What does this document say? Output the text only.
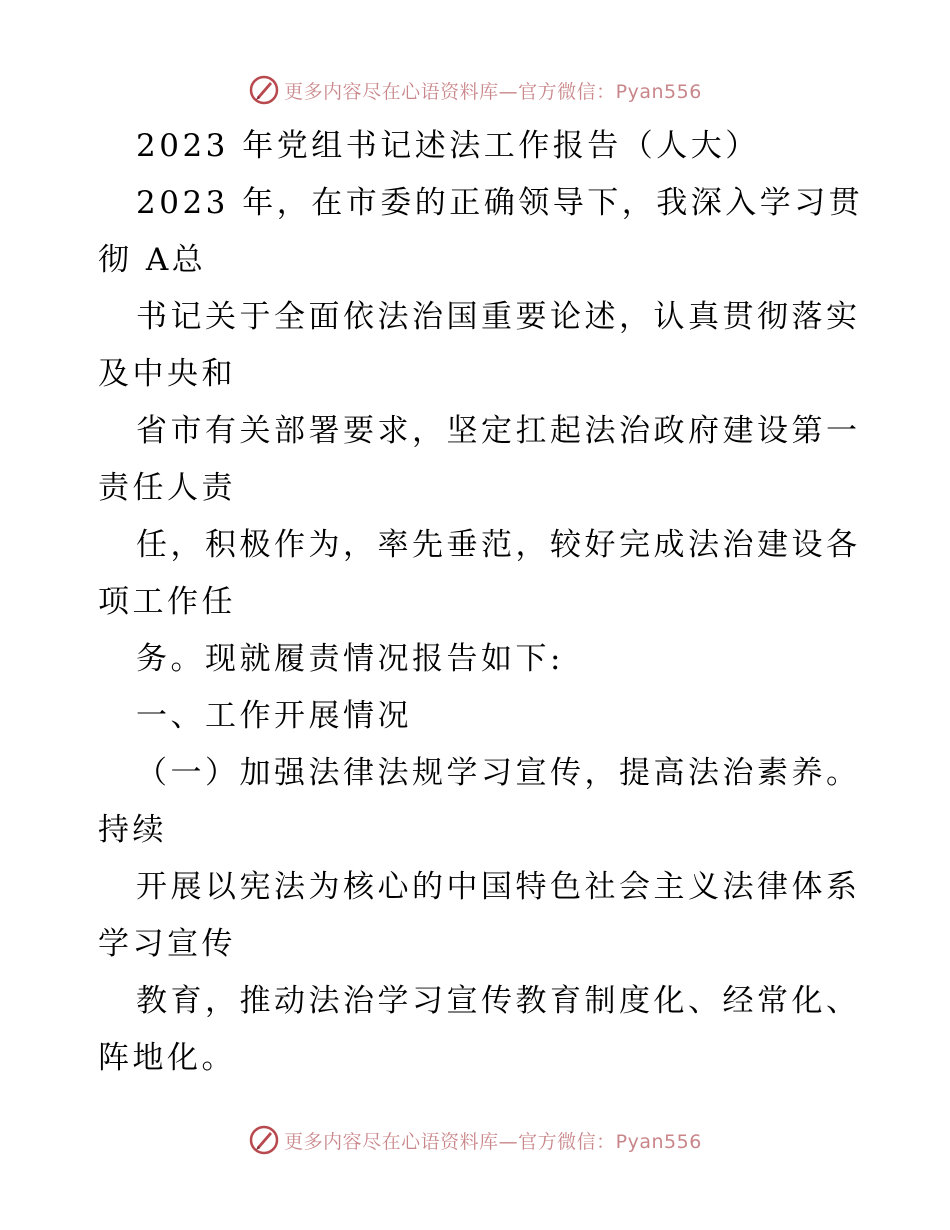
更多内容尽在心语资料库—官方微信：Pyan556
2023 年党组书记述法工作报告（人大）
2023 年，在市委的正确领导下，我深入学习贯
彻 A总
书记关于全面依法治国重要论述，认真贯彻落实
及中央和
省市有关部署要求，坚定扛起法治政府建设第一
责任人责
任，积极作为，率先垂范，较好完成法治建设各
项工作任
务。现就履责情况报告如下:
一、工作开展情况
（一）加强法律法规学习宣传，提高法治素养。
持续
开展以宪法为核心的中国特色社会主义法律体系
学习宣传
教育，推动法治学习宣传教育制度化、经常化、
阵地化。
更多内容尽在心语资料库—官方微信：Pyan556
